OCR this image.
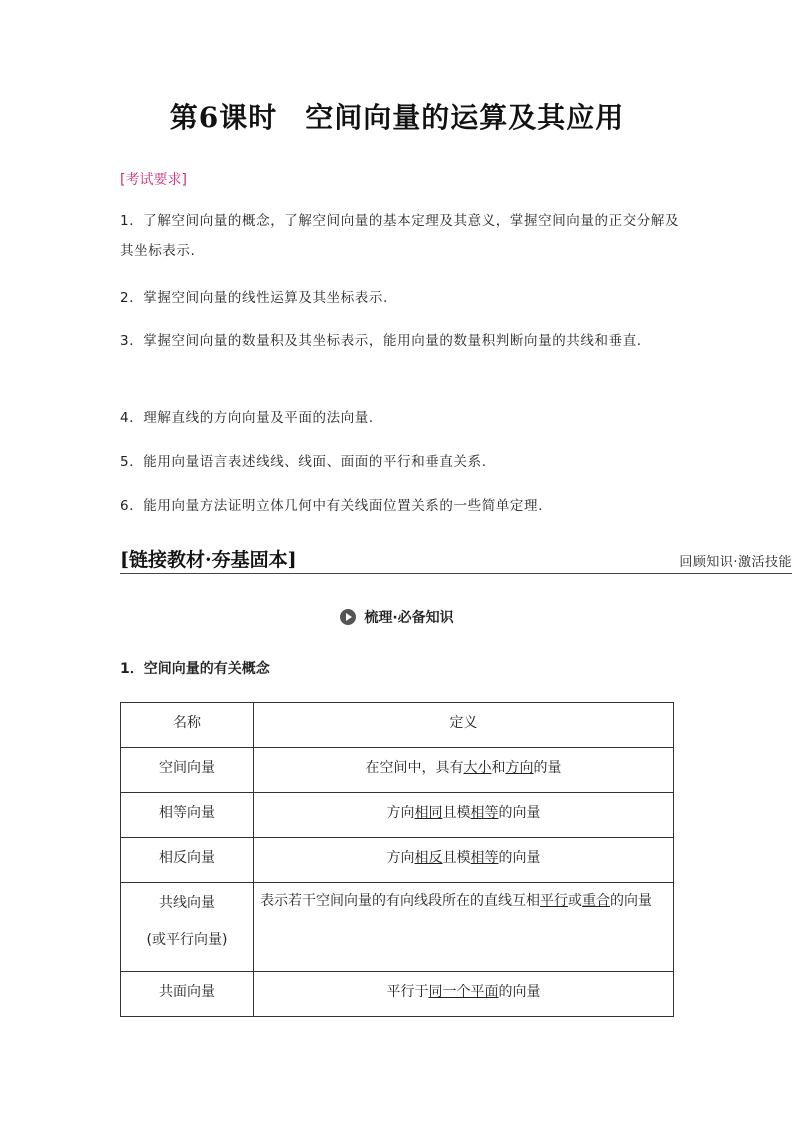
第6课时 空间向量的运算及其应用
[考试要求]

1．了解空间向量的概念，了解空间向量的基本定理及其意义，掌握空间向量的正交分解及其坐标表示.

2．掌握空间向量的线性运算及其坐标表示.

3．掌握空间向量的数量积及其坐标表示，能用向量的数量积判断向量的共线和垂直.

4．理解直线的方向向量及平面的法向量.

5．能用向量语言表述线线、线面、面面的平行和垂直关系.

6．能用向量方法证明立体几何中有关线面位置关系的一些简单定理.

[链接教材·夯基固本]	回顾知识·激活技能
梳理·必备知识
1．空间向量的有关概念
名称	定义
空间向量	在空间中，具有大小和方向的量
相等向量	方向相同且模相等的向量
相反向量	方向相反且模相等的向量

共线向量
(或平行向量)	表示若干空间向量的有向线段所在的直线互相平行或重合的向量
共面向量	平行于同一个平面的向量
